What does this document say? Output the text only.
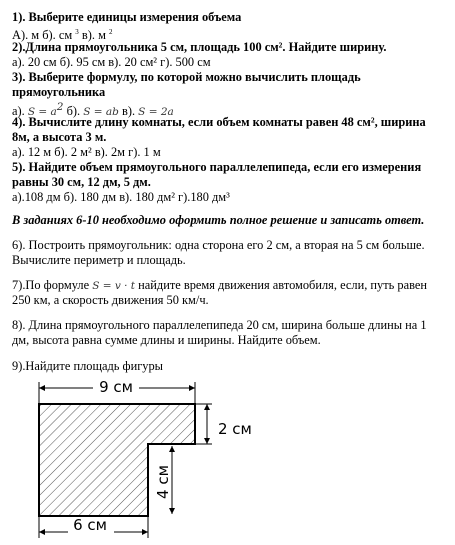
1). Выберите единицы измерения объема
А). м б). см $^3$ в). м $^2$
2).Длина прямоугольника 5 см, площадь 100 см². Найдите ширину.
а). 20 см б). 95 см в). 20 см² г). 500 см
3). Выберите формулу, по которой можно вычислить площадь
прямоугольника
а). $S = a^2$ б). S = ab в). S = 2a
4). Вычислите длину комнаты, если объем комнаты равен 48 см², ширина
8м, а высота 3 м.
а). 12 м б). 2 м² в). 2м г). 1 м
5). Найдите объем прямоугольного параллелепипеда, если его измерения
равны 30 см, 12 дм, 5 дм.
а).108 дм б). 180 дм в). 180 дм² г).180 дм³
В заданиях 6-10 необходимо оформить полное решение и записать ответ.
6). Построить прямоугольник: одна сторона его 2 см, а вторая на 5 см больше.
Вычислите периметр и площадь.
7).По формуле S = v · t найдите время движения автомобиля, если, путь равен
250 км, а скорость движения 50 км/ч.
8). Длина прямоугольного параллелепипеда 20 см, ширина больше длины на 1
дм, высота равна сумме длины и ширины. Найдите объем.
9).Найдите площадь фигуры
9 см
2 см
4 см
6 см
